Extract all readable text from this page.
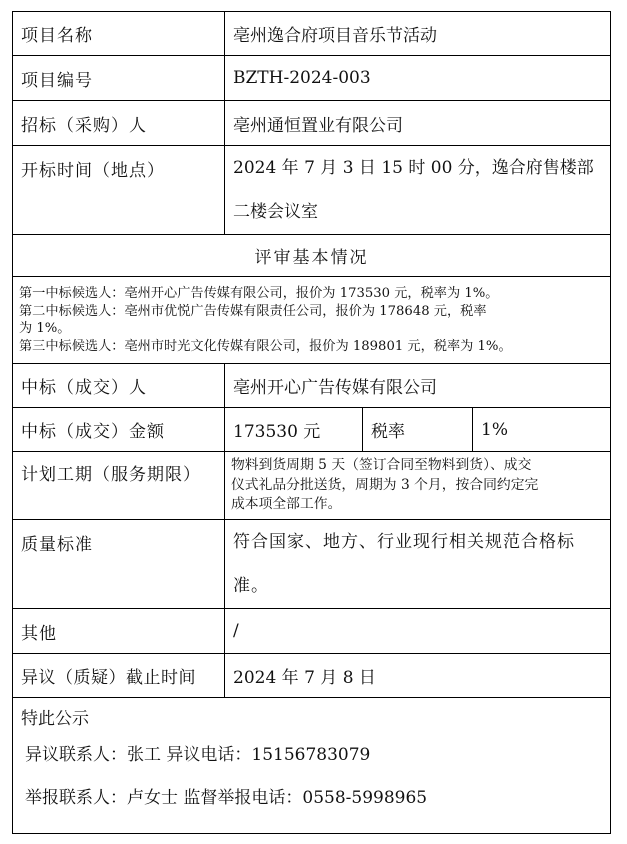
项目名称	亳州逸合府项目音乐节活动		
项目编号	BZTH-2024-003		
招标（采购）人	亳州通恒置业有限公司		
开标时间（地点）	2024 年 7 月 3 日 15 时 00 分，逸合府售楼部
二楼会议室		

评审基本情况			

第一中标候选人：亳州开心广告传媒有限公司，报价为 173530 元，税率为 1%。
第二中标候选人：亳州市优悦广告传媒有限责任公司，报价为 178648 元，税率
为 1%。
第三中标候选人：亳州市时光文化传媒有限公司，报价为 189801 元，税率为 1%。			

中标（成交）人	亳州开心广告传媒有限公司		
中标（成交）金额	173530 元	税率	1%
计划工期（服务期限）	物料到货周期 5 天（签订合同至物料到货）、成交
仪式礼品分批送货，周期为 3 个月，按合同约定完
成本项全部工作。		

质量标准	符合国家、地方、行业现行相关规范合格标
准。		

其他	/		
异议（质疑）截止时间	2024 年 7 月 8 日		

特此公示
异议联系人：张工 异议电话：15156783079
举报联系人：卢女士 监督举报电话：0558-5998965			
